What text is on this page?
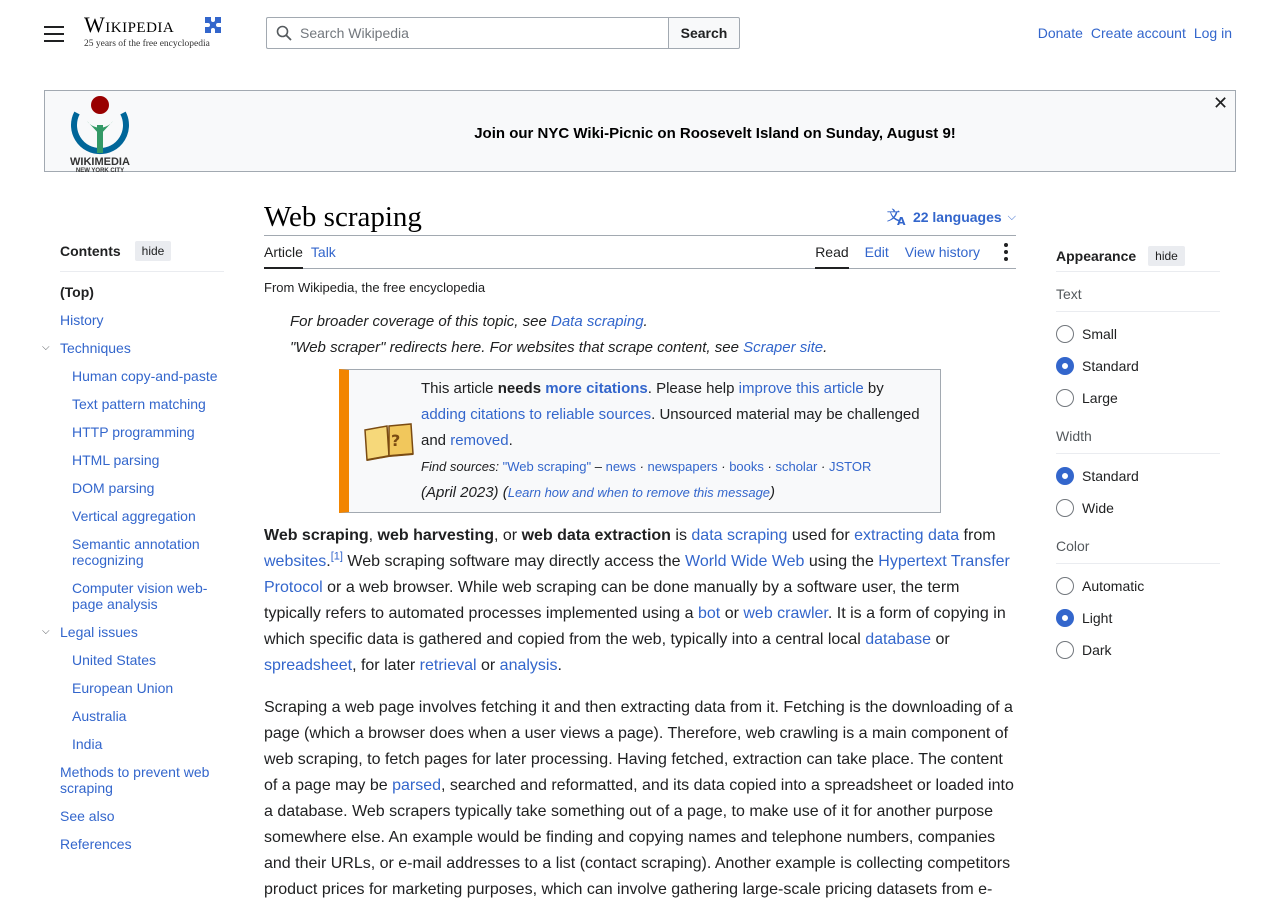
Wikipedia
25 years of the free encyclopedia
Search Wikipedia
Search	Donate Create account Log in
WIKIMEDIA
NEW YORK CITY
Join our NYC Wiki-Picnic on Roosevelt Island on Sunday, August 9!
✕
Contents	hide
(Top)
History
⌵ Techniques
Human copy-and-paste
Text pattern matching
HTTP programming
HTML parsing
DOM parsing
Vertical aggregation
Semantic annotation recognizing
Computer vision web-page analysis
⌵ Legal issues
United States
European Union
Australia
India
Methods to prevent web scraping
See also
References
Web scraping	文
A 22 languages ⌵
Article Talk	Read Edit View history
From Wikipedia, the free encyclopedia
For broader coverage of this topic, see Data scraping.
"Web scraper" redirects here. For websites that scrape content, see Scraper site.
?
This article needs more citations. Please help improve this article by adding citations to reliable sources. Unsourced material may be challenged and removed.
Find sources: "Web scraping" – news · newspapers · books · scholar · JSTOR
(April 2023) (Learn how and when to remove this message)

Web scraping, web harvesting, or web data extraction is data scraping used for extracting data from websites.[1] Web scraping software may directly access the World Wide Web using the Hypertext Transfer Protocol or a web browser. While web scraping can be done manually by a software user, the term typically refers to automated processes implemented using a bot or web crawler. It is a form of copying in which specific data is gathered and copied from the web, typically into a central local database or spreadsheet, for later retrieval or analysis.

Scraping a web page involves fetching it and then extracting data from it. Fetching is the downloading of a page (which a browser does when a user views a page). Therefore, web crawling is a main component of web scraping, to fetch pages for later processing. Having fetched, extraction can take place. The content of a page may be parsed, searched and reformatted, and its data copied into a spreadsheet or loaded into a database. Web scrapers typically take something out of a page, to make use of it for another purpose somewhere else. An example would be finding and copying names and telephone numbers, companies and their URLs, or e-mail addresses to a list (contact scraping). Another example is collecting competitors product prices for marketing purposes, which can involve gathering large-scale pricing datasets from e-

Appearance	hide
Text
Small
Standard
Large
Width
Standard
Wide
Color
Automatic
Light
Dark
